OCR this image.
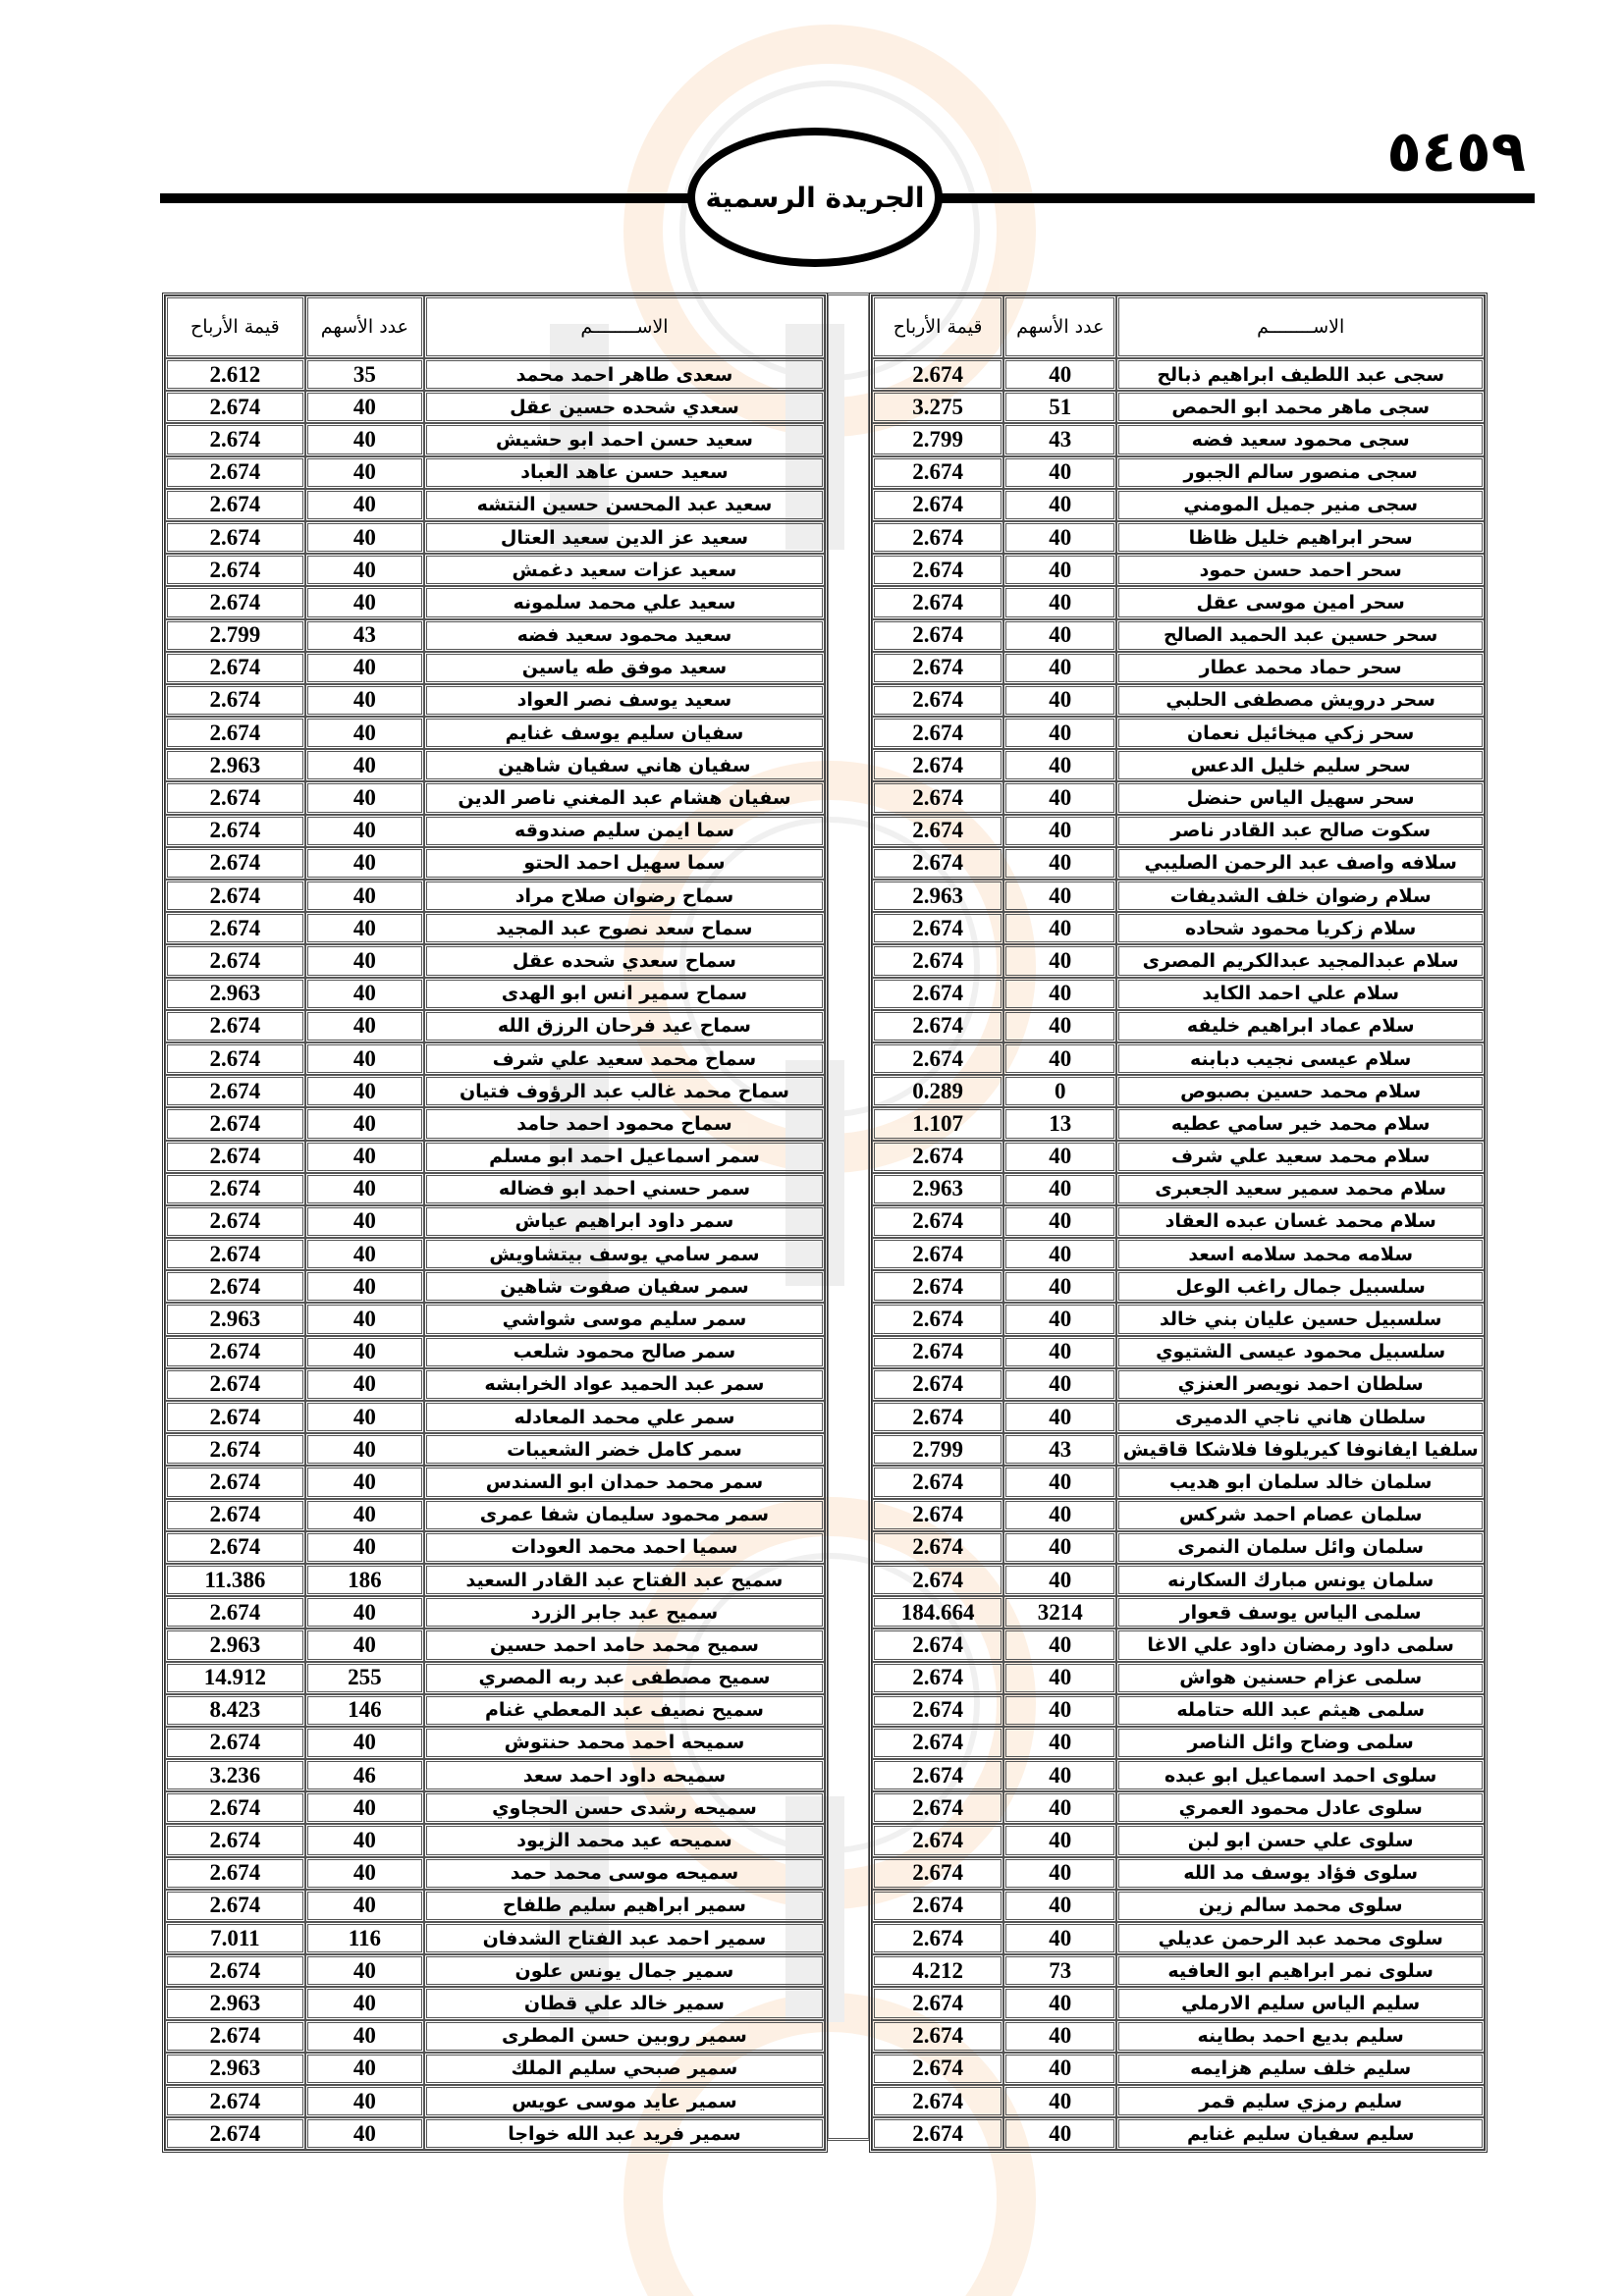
٥٤٥٩
الجريدة الرسمية
الاســــــــم	عدد الأسهم	قيمة الأرباح
سجى عبد اللطيف ابراهيم ذبالح	40	2.674
سجى ماهر محمد ابو الحمص	51	3.275
سجى محمود سعيد فضه	43	2.799
سجى منصور سالم الجبور	40	2.674
سجى منير جميل المومني	40	2.674
سحر ابراهيم خليل ظاظا	40	2.674
سحر احمد حسن حمود	40	2.674
سحر امين موسى عقل	40	2.674
سحر حسين عبد الحميد الصالح	40	2.674
سحر حماد محمد عطار	40	2.674
سحر درويش مصطفى الحلبي	40	2.674
سحر زكي ميخائيل نعمان	40	2.674
سحر سليم خليل الدعس	40	2.674
سحر سهيل الياس حنضل	40	2.674
سكوت صالح عبد القادر ناصر	40	2.674
سلافه واصف عبد الرحمن الصليبي	40	2.674
سلام رضوان خلف الشديفات	40	2.963
سلام زكريا محمود شحاده	40	2.674
سلام عبدالمجيد عبدالكريم المصرى	40	2.674
سلام علي احمد الكايد	40	2.674
سلام عماد ابراهيم خليفه	40	2.674
سلام عيسى نجيب دبابنه	40	2.674
سلام محمد حسين بصبوص	0	0.289
سلام محمد خير سامي عطيه	13	1.107
سلام محمد سعيد علي شرف	40	2.674
سلام محمد سمير سعيد الجعبرى	40	2.963
سلام محمد غسان عبده العقاد	40	2.674
سلامه محمد سلامه اسعد	40	2.674
سلسبيل جمال راغب الوعل	40	2.674
سلسبيل حسين عليان بني خالد	40	2.674
سلسبيل محمود عيسى الشتيوي	40	2.674
سلطان احمد نويصر العنزي	40	2.674
سلطان هاني ناجي الدميرى	40	2.674
سلفيا ايفانوفا كيريلوفا فلاشكا قاقيش	43	2.799
سلمان خالد سلمان ابو هديب	40	2.674
سلمان عصام احمد شركس	40	2.674
سلمان وائل سلمان النمرى	40	2.674
سلمان يونس مبارك السكارنه	40	2.674
سلمى الياس يوسف قعوار	3214	184.664
سلمى داود رمضان داود علي الاغا	40	2.674
سلمى عزام حسنين هواش	40	2.674
سلمى هيثم عبد الله حتامله	40	2.674
سلمى وضاح وائل الناصر	40	2.674
سلوى احمد اسماعيل ابو عبده	40	2.674
سلوى عادل محمود العمري	40	2.674
سلوى علي حسن ابو لبن	40	2.674
سلوى فؤاد يوسف مد الله	40	2.674
سلوى محمد سالم زين	40	2.674
سلوى محمد عبد الرحمن عديلي	40	2.674
سلوى نمر ابراهيم ابو العافيه	73	4.212
سليم الياس سليم الارملي	40	2.674
سليم بديع احمد بطاينه	40	2.674
سليم خلف سليم هزايمه	40	2.674
سليم رمزي سليم قمر	40	2.674
سليم سفيان سليم غنايم	40	2.674
الاســــــــم	عدد الأسهم	قيمة الأرباح
سعدى طاهر احمد محمد	35	2.612
سعدي شحده حسين عقل	40	2.674
سعيد حسن احمد ابو حشيش	40	2.674
سعيد حسن عاهد العباد	40	2.674
سعيد عبد المحسن حسين النتشه	40	2.674
سعيد عز الدين سعيد العتال	40	2.674
سعيد عزات سعيد دغمش	40	2.674
سعيد علي محمد سلمونه	40	2.674
سعيد محمود سعيد فضه	43	2.799
سعيد موفق طه ياسين	40	2.674
سعيد يوسف نصر العواد	40	2.674
سفيان سليم يوسف غنايم	40	2.674
سفيان هاني سفيان شاهين	40	2.963
سفيان هشام عبد المغني ناصر الدين	40	2.674
سما ايمن سليم صندوقه	40	2.674
سما سهيل احمد الحتو	40	2.674
سماح رضوان صلاح مراد	40	2.674
سماح سعد نصوح عبد المجيد	40	2.674
سماح سعدي شحده عقل	40	2.674
سماح سمير انس ابو الهدى	40	2.963
سماح عيد فرحان الرزق الله	40	2.674
سماح محمد سعيد علي شرف	40	2.674
سماح محمد غالب عبد الرؤوف فتيان	40	2.674
سماح محمود احمد حامد	40	2.674
سمر اسماعيل احمد ابو مسلم	40	2.674
سمر حسني احمد ابو فضاله	40	2.674
سمر داود ابراهيم عياش	40	2.674
سمر سامي يوسف بيتشاويش	40	2.674
سمر سفيان صفوت شاهين	40	2.674
سمر سليم موسى شواشي	40	2.963
سمر صالح محمود شلعب	40	2.674
سمر عبد الحميد عواد الخرابشه	40	2.674
سمر علي محمد المعادله	40	2.674
سمر كامل خضر الشعيبات	40	2.674
سمر محمد حمدان ابو السندس	40	2.674
سمر محمود سليمان شفا عمرى	40	2.674
سميا احمد محمد العودات	40	2.674
سميح عبد الفتاح عبد القادر السعيد	186	11.386
سميح عبد جابر الزرد	40	2.674
سميح محمد حامد احمد حسين	40	2.963
سميح مصطفى عبد ربه المصري	255	14.912
سميح نصيف عبد المعطي غنام	146	8.423
سميحه احمد محمد حنتوش	40	2.674
سميحه داود احمد سعد	46	3.236
سميحه رشدى حسن الحجاوي	40	2.674
سميحه عيد محمد الزيود	40	2.674
سميحه موسى محمد حمد	40	2.674
سمير ابراهيم سليم طلفاح	40	2.674
سمير احمد عبد الفتاح الشدفان	116	7.011
سمير جمال يونس علون	40	2.674
سمير خالد علي قطان	40	2.963
سمير روبين حسن المطرى	40	2.674
سمير صبحي سليم الملك	40	2.963
سمير عايد موسى عويس	40	2.674
سمير فريد عبد الله خواجا	40	2.674
